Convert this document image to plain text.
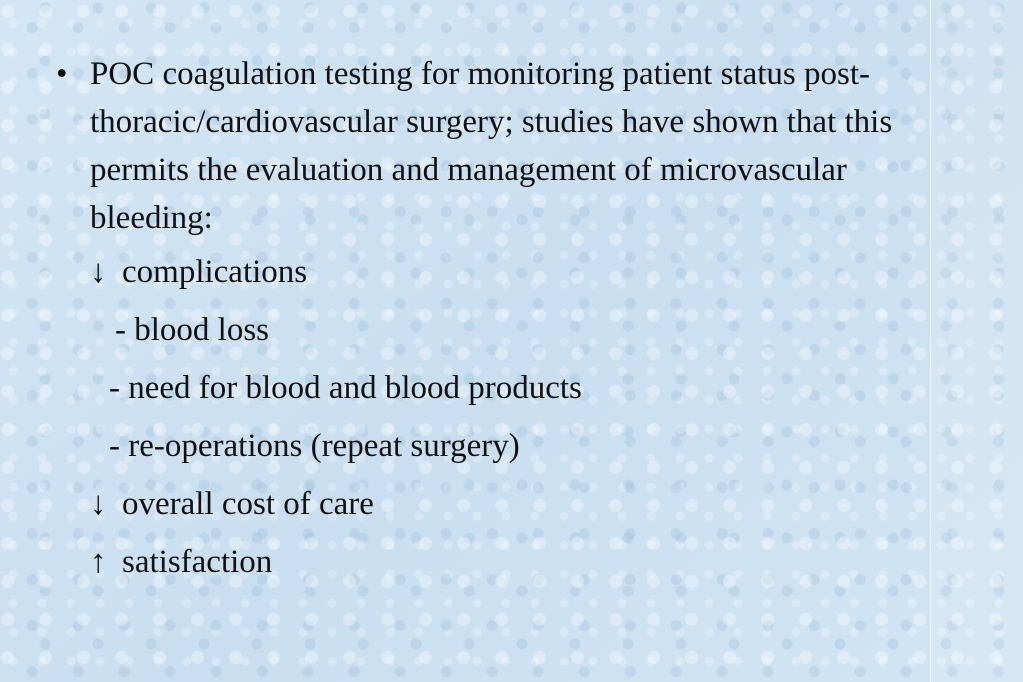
• POC coagulation testing for monitoring patient status post-thoracic/cardiovascular surgery; studies have shown that this permits the evaluation and management of microvascular bleeding:
↓ complications
- blood loss
- need for blood and blood products
- re-operations (repeat surgery)
↓ overall cost of care
↑ satisfaction
